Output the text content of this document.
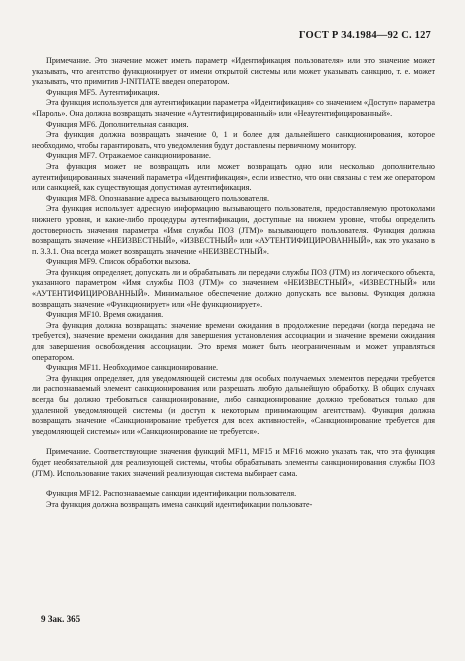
ГОСТ Р 34.1984—92 С. 127

Примечание. Это значение может иметь параметр «Идентификация пользователя» или это значение может указывать, что агентство функционирует от имени открытой системы или может указывать санкцию, т. е. может указывать, что примитив J-INITIATE введен оператором.

Функция MF5. Аутентификация.

Эта функция используется для аутентификации параметра «Идентификация» со значением «Доступ» параметра «Пароль». Она должна возвращать значение «Аутентифицированный» или «Неаутентифицированный».

Функция MF6. Дополнительная санкция.

Эта функция должна возвращать значение 0, 1 и более для дальнейшего санкционирования, которое необходимо, чтобы гарантировать, что уведомления будут доставлены первичному монитору.

Функция MF7. Отражаемое санкционирование.

Эта функция может не возвращать или может возвращать одно или несколько дополнительно аутентифицированных значений параметра «Идентификация», если известно, что они связаны с тем же оператором или санкцией, как существующая допустимая аутентификация.

Функция MF8. Опознавание адреса вызывающего пользователя.

Эта функция использует адресную информацию вызывающего пользователя, предоставляемую протоколами нижнего уровня, и какие-либо процедуры аутентификации, доступные на нижнем уровне, чтобы определить достоверность значения параметра «Имя службы ПОЗ (JTM)» вызывающего пользователя. Функция должна возвращать значение «НЕИЗВЕСТНЫЙ», «ИЗВЕСТНЫЙ» или «АУТЕНТИФИЦИРОВАННЫЙ», как это указано в п. 3.3.1. Она всегда может возвращать значение «НЕИЗВЕСТНЫЙ».

Функция MF9. Список обработки вызова.

Эта функция определяет, допускать ли и обрабатывать ли передачи службы ПОЗ (JTM) из логического объекта, указанного параметром «Имя службы ПОЗ (JTM)» со значением «НЕИЗВЕСТНЫЙ», «ИЗВЕСТНЫЙ» или «АУТЕНТИФИЦИРОВАННЫЙ». Минимальное обеспечение должно допускать все вызовы. Функция должна возвращать значение «Функционирует» или «Не функционирует».

Функция MF10. Время ожидания.

Эта функция должна возвращать: значение времени ожидания в продолжение передачи (когда передача не требуется), значение времени ожидания для завершения установления ассоциации и значение времени ожидания для завершения освобождения ассоциации. Это время может быть неограниченным и может управляться оператором.

Функция MF11. Необходимое санкционирование.

Эта функция определяет, для уведомляющей системы для особых получаемых элементов передачи требуется ли распознаваемый элемент санкционирования или разрешать любую дальнейшую обработку. В общих случаях всегда бы должно требоваться санкционирование, либо санкционирование должно требоваться только для удаленной уведомляющей системы (и доступ к некоторым принимающим агентствам). Функция должна возвращать значение «Санкционирование требуется для всех активностей», «Санкционирование требуется для уведомляющей системы» или «Санкционирование не требуется».

Примечание. Соответствующие значения функций MF11, MF15 и MF16 можно указать так, что эта функция будет необязательной для реализующей системы, чтобы обрабатывать элементы санкционирования службы ПОЗ (JTM). Использование таких значений реализующая система выбирает сама.

Функция MF12. Распознаваемые санкции идентификации пользователя.

Эта функция должна возвращать имена санкций идентификации пользовате-

9 Зак. 365
